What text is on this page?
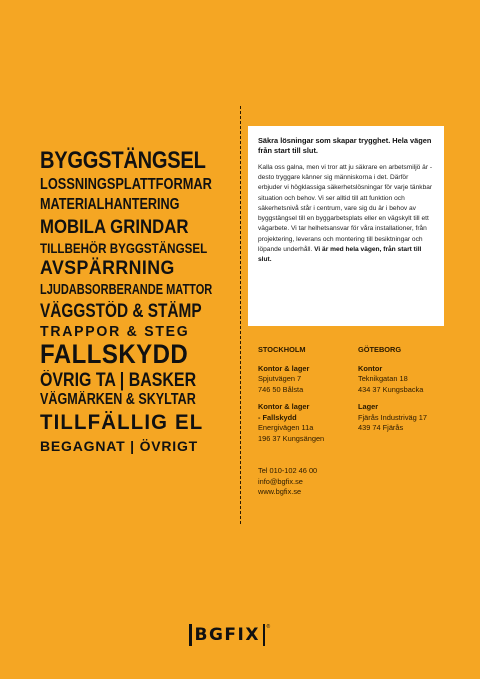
BYGGSTÄNGSEL
LOSSNINGSPLATTFORMAR
MATERIALHANTERING
MOBILA GRINDAR
TILLBEHÖR BYGGSTÄNGSEL
AVSPÄRRNING
LJUDABSORBERANDE MATTOR
VÄGGSTÖD & STÄMP
TRAPPOR & STEG
FALLSKYDD
ÖVRIG TA | BASKER
VÄGMÄRKEN & SKYLTAR
TILLFÄLLIG EL
BEGAGNAT | ÖVRIGT

Säkra lösningar som skapar trygghet. Hela vägen från start till slut.

Kalla oss galna, men vi tror att ju säkrare en arbetsmiljö är - desto tryggare känner sig människorna i det. Därför erbjuder vi högklassiga säkerhetslösningar för varje tänkbar situation och behov. Vi ser alltid till att funktion och säkerhetsnivå står i centrum, vare sig du är i behov av byggstängsel till en byggarbetsplats eller en vägskylt till ett vägarbete. Vi tar helhetsansvar för våra installationer, från projektering, leverans och montering till besiktningar och löpande underhåll. Vi är med hela vägen, från start till slut.

STOCKHOLM
Kontor & lager
Spjutvägen 7
746 50 Bålsta
Kontor & lager
- Fallskydd
Energivägen 11a
196 37 Kungsängen
GÖTEBORG
Kontor
Teknikgatan 18
434 37 Kungsbacka
Lager
Fjärås Industriväg 17
439 74 Fjärås
Tel 010-102 46 00
info@bgfix.se
www.bgfix.se
BGFIX	®
